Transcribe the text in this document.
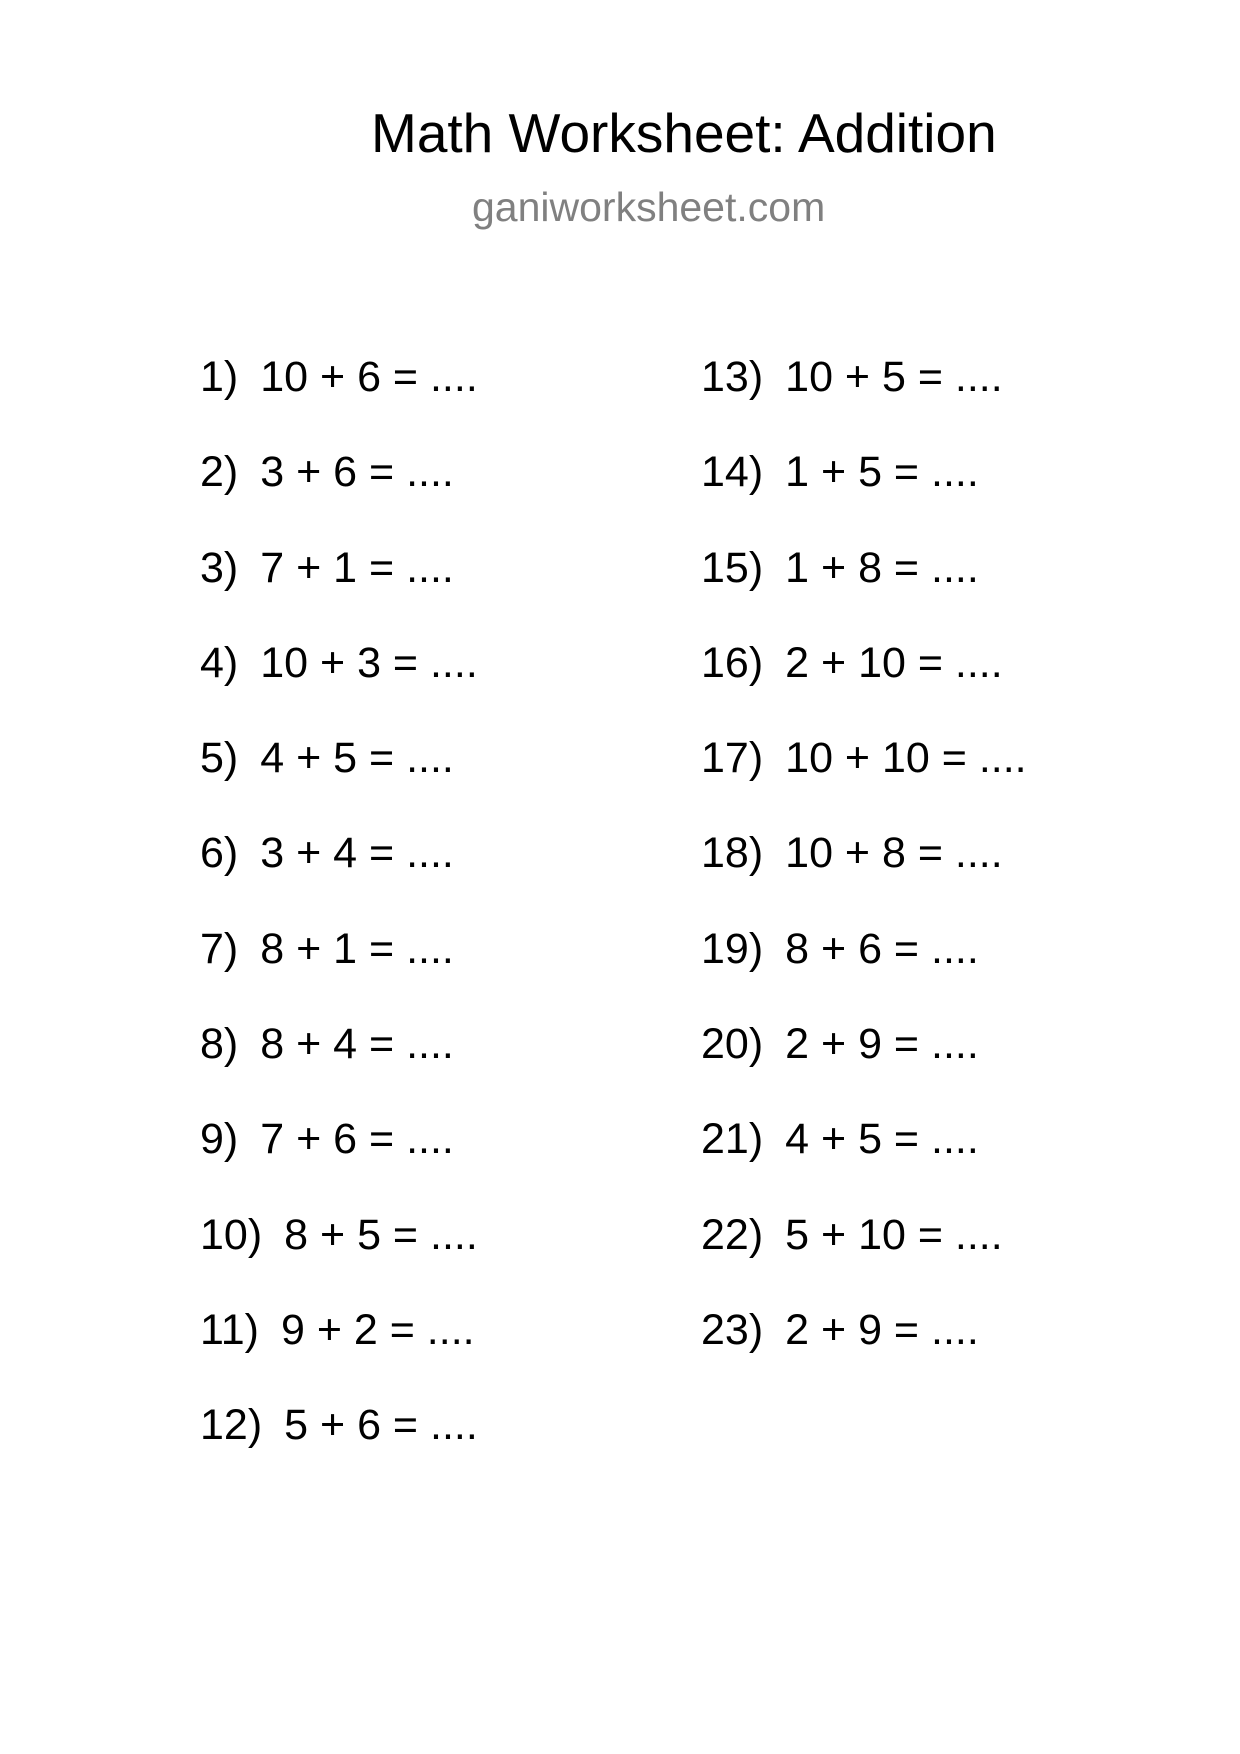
Math Worksheet: Addition
ganiworksheet.com
1) 10 + 6 = ....
2) 3 + 6 = ....
3) 7 + 1 = ....
4) 10 + 3 = ....
5) 4 + 5 = ....
6) 3 + 4 = ....
7) 8 + 1 = ....
8) 8 + 4 = ....
9) 7 + 6 = ....
10) 8 + 5 = ....
11) 9 + 2 = ....
12) 5 + 6 = ....
13) 10 + 5 = ....
14) 1 + 5 = ....
15) 1 + 8 = ....
16) 2 + 10 = ....
17) 10 + 10 = ....
18) 10 + 8 = ....
19) 8 + 6 = ....
20) 2 + 9 = ....
21) 4 + 5 = ....
22) 5 + 10 = ....
23) 2 + 9 = ....
